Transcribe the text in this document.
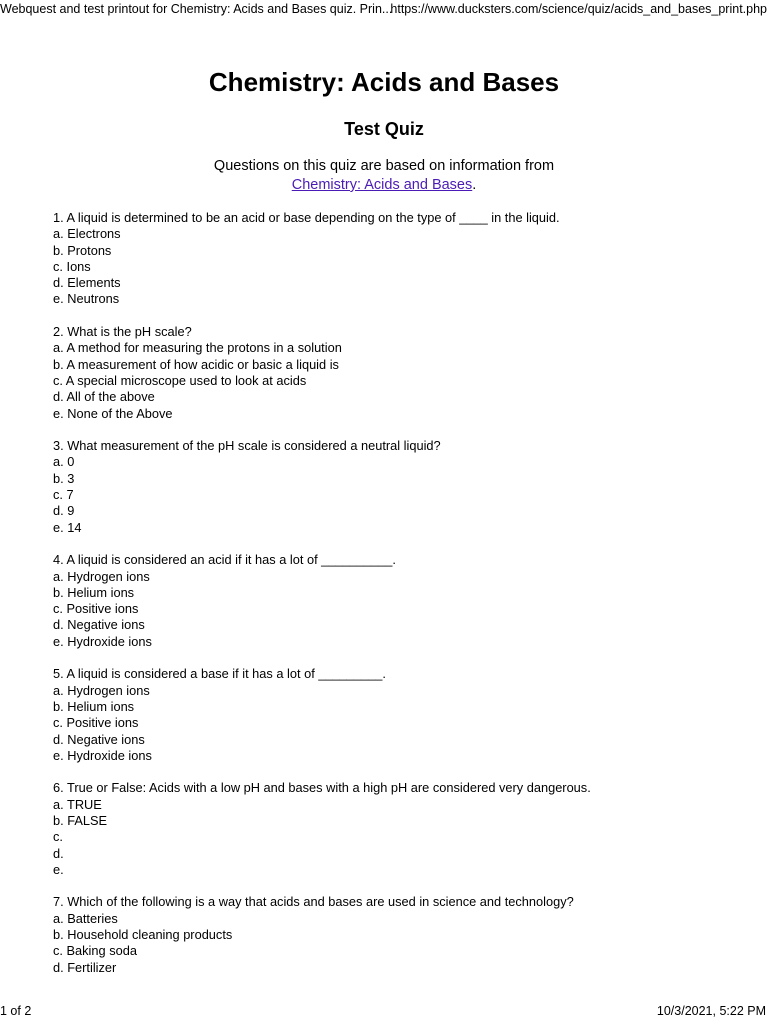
Webquest and test printout for Chemistry: Acids and Bases quiz. Prin...
https://www.ducksters.com/science/quiz/acids_and_bases_print.php
Chemistry: Acids and Bases
Test Quiz
Questions on this quiz are based on information from
Chemistry: Acids and Bases.
1. A liquid is determined to be an acid or base depending on the type of ____ in the liquid.
a. Electrons
b. Protons
c. Ions
d. Elements
e. Neutrons
2. What is the pH scale?
a. A method for measuring the protons in a solution
b. A measurement of how acidic or basic a liquid is
c. A special microscope used to look at acids
d. All of the above
e. None of the Above
3. What measurement of the pH scale is considered a neutral liquid?
a. 0
b. 3
c. 7
d. 9
e. 14
4. A liquid is considered an acid if it has a lot of __________.
a. Hydrogen ions
b. Helium ions
c. Positive ions
d. Negative ions
e. Hydroxide ions
5. A liquid is considered a base if it has a lot of _________.
a. Hydrogen ions
b. Helium ions
c. Positive ions
d. Negative ions
e. Hydroxide ions
6. True or False: Acids with a low pH and bases with a high pH are considered very dangerous.
a. TRUE
b. FALSE
c.
d.
e.
7. Which of the following is a way that acids and bases are used in science and technology?
a. Batteries
b. Household cleaning products
c. Baking soda
d. Fertilizer
1 of 2	10/3/2021, 5:22 PM
